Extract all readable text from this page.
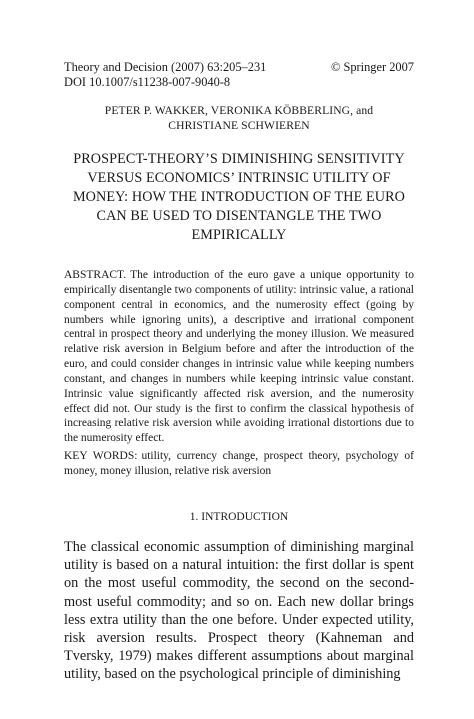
Theory and Decision (2007) 63:205–231	© Springer 2007
DOI 10.1007/s11238-007-9040-8
PETER P. WAKKER, VERONIKA KÖBBERLING, and
CHRISTIANE SCHWIEREN
PROSPECT-THEORY’S DIMINISHING SENSITIVITY VERSUS ECONOMICS’ INTRINSIC UTILITY OF MONEY: HOW THE INTRODUCTION OF THE EURO CAN BE USED TO DISENTANGLE THE TWO EMPIRICALLY
ABSTRACT. The introduction of the euro gave a unique opportunity to empirically disentangle two components of utility: intrinsic value, a rational component central in economics, and the numerosity effect (going by numbers while ignoring units), a descriptive and irrational component central in prospect theory and underlying the money illusion. We measured relative risk aversion in Belgium before and after the introduction of the euro, and could consider changes in intrinsic value while keeping numbers constant, and changes in numbers while keeping intrinsic value constant. Intrinsic value significantly affected risk aversion, and the numerosity effect did not. Our study is the first to confirm the classical hypothesis of increasing relative risk aversion while avoiding irrational distortions due to the numerosity effect.
KEY WORDS: utility, currency change, prospect theory, psychology of money, money illusion, relative risk aversion
1. INTRODUCTION
The classical economic assumption of diminishing marginal utility is based on a natural intuition: the first dollar is spent on the most useful commodity, the second on the second-most useful commodity; and so on. Each new dollar brings less extra utility than the one before. Under expected utility, risk aversion results. Prospect theory (Kahneman and Tversky, 1979) makes different assumptions about marginal utility, based on the psychological principle of diminishing
